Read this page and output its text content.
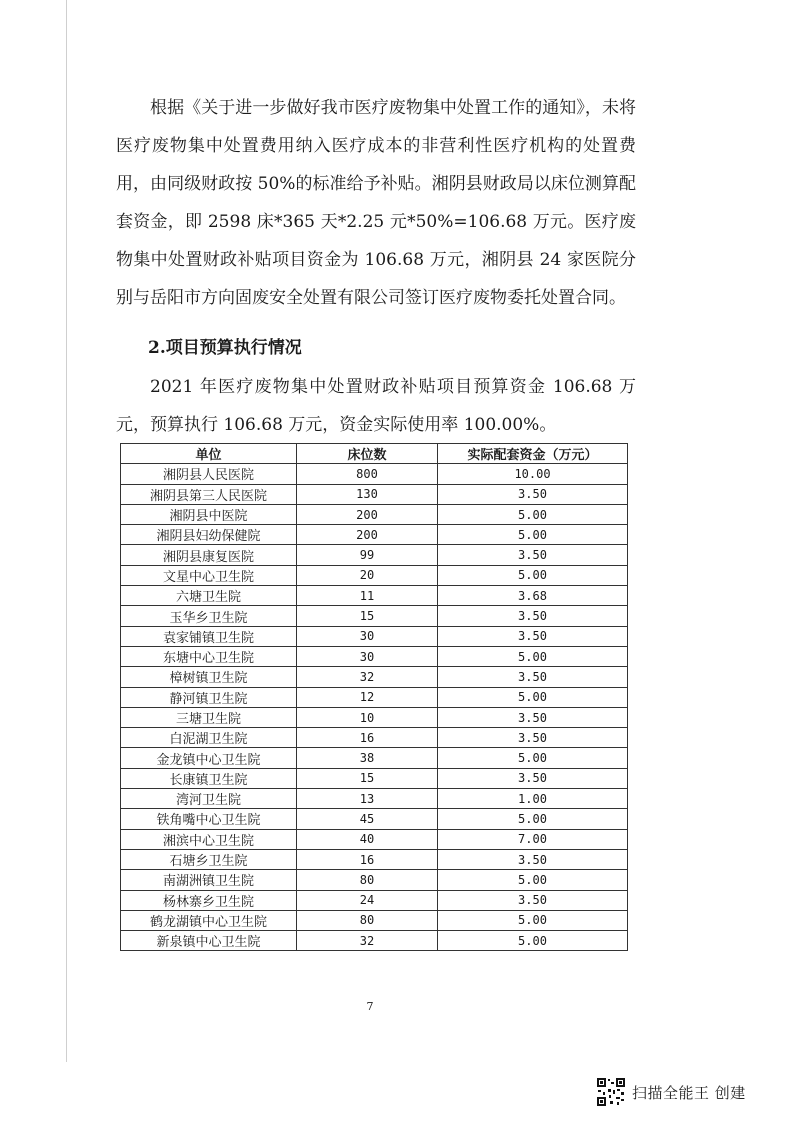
根据《关于进一步做好我市医疗废物集中处置工作的通知》，未将医疗废物集中处置费用纳入医疗成本的非营利性医疗机构的处置费用，由同级财政按 50%的标准给予补贴。湘阴县财政局以床位测算配套资金，即 2598 床*365 天*2.25 元*50%=106.68 万元。医疗废物集中处置财政补贴项目资金为 106.68 万元，湘阴县 24 家医院分别与岳阳市方向固废安全处置有限公司签订医疗废物委托处置合同。

2.项目预算执行情况

2021 年医疗废物集中处置财政补贴项目预算资金 106.68 万元，预算执行 106.68 万元，资金实际使用率 100.00%。

单位	床位数	实际配套资金（万元）
湘阴县人民医院	800	10.00
湘阴县第三人民医院	130	3.50
湘阴县中医院	200	5.00
湘阴县妇幼保健院	200	5.00
湘阴县康复医院	99	3.50
文星中心卫生院	20	5.00
六塘卫生院	11	3.68
玉华乡卫生院	15	3.50
袁家铺镇卫生院	30	3.50
东塘中心卫生院	30	5.00
樟树镇卫生院	32	3.50
静河镇卫生院	12	5.00
三塘卫生院	10	3.50
白泥湖卫生院	16	3.50
金龙镇中心卫生院	38	5.00
长康镇卫生院	15	3.50
湾河卫生院	13	1.00
铁角嘴中心卫生院	45	5.00
湘滨中心卫生院	40	7.00
石塘乡卫生院	16	3.50
南湖洲镇卫生院	80	5.00
杨林寨乡卫生院	24	3.50
鹤龙湖镇中心卫生院	80	5.00
新泉镇中心卫生院	32	5.00
7
扫描全能王 创建
